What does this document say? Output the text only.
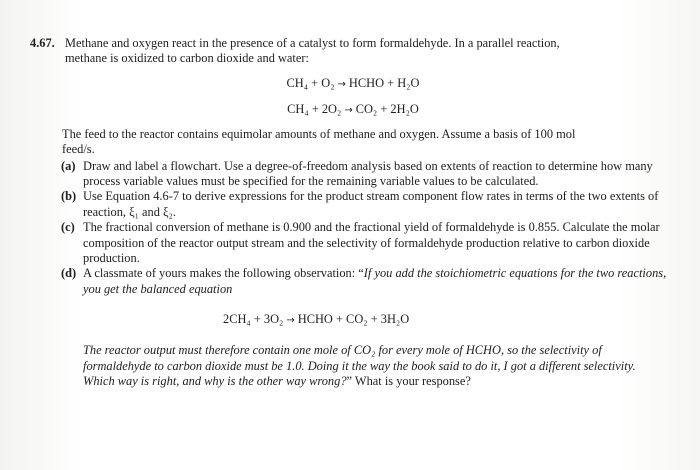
4.67. Methane and oxygen react in the presence of a catalyst to form formaldehyde. In a parallel reaction,
methane is oxidized to carbon dioxide and water:
CH₄ + O₂ → HCHO + H₂O
CH₄ + 2O₂ → CO₂ + 2H₂O
The feed to the reactor contains equimolar amounts of methane and oxygen. Assume a basis of 100 mol
feed/s.
(a) Draw and label a flowchart. Use a degree-of-freedom analysis based on extents of reaction to determine how many process variable values must be specified for the remaining variable values to be calculated.
(b) Use Equation 4.6-7 to derive expressions for the product stream component flow rates in terms of the two extents of reaction, ξ₁ and ξ₂.
(c) The fractional conversion of methane is 0.900 and the fractional yield of formaldehyde is 0.855. Calculate the molar composition of the reactor output stream and the selectivity of formaldehyde production relative to carbon dioxide production.
(d) A classmate of yours makes the following observation: “If you add the stoichiometric equations for the two reactions, you get the balanced equation
2CH₄ + 3O₂ → HCHO + CO₂ + 3H₂O
The reactor output must therefore contain one mole of CO₂ for every mole of HCHO, so the selectivity of formaldehyde to carbon dioxide must be 1.0. Doing it the way the book said to do it, I got a different selectivity. Which way is right, and why is the other way wrong?” What is your response?
